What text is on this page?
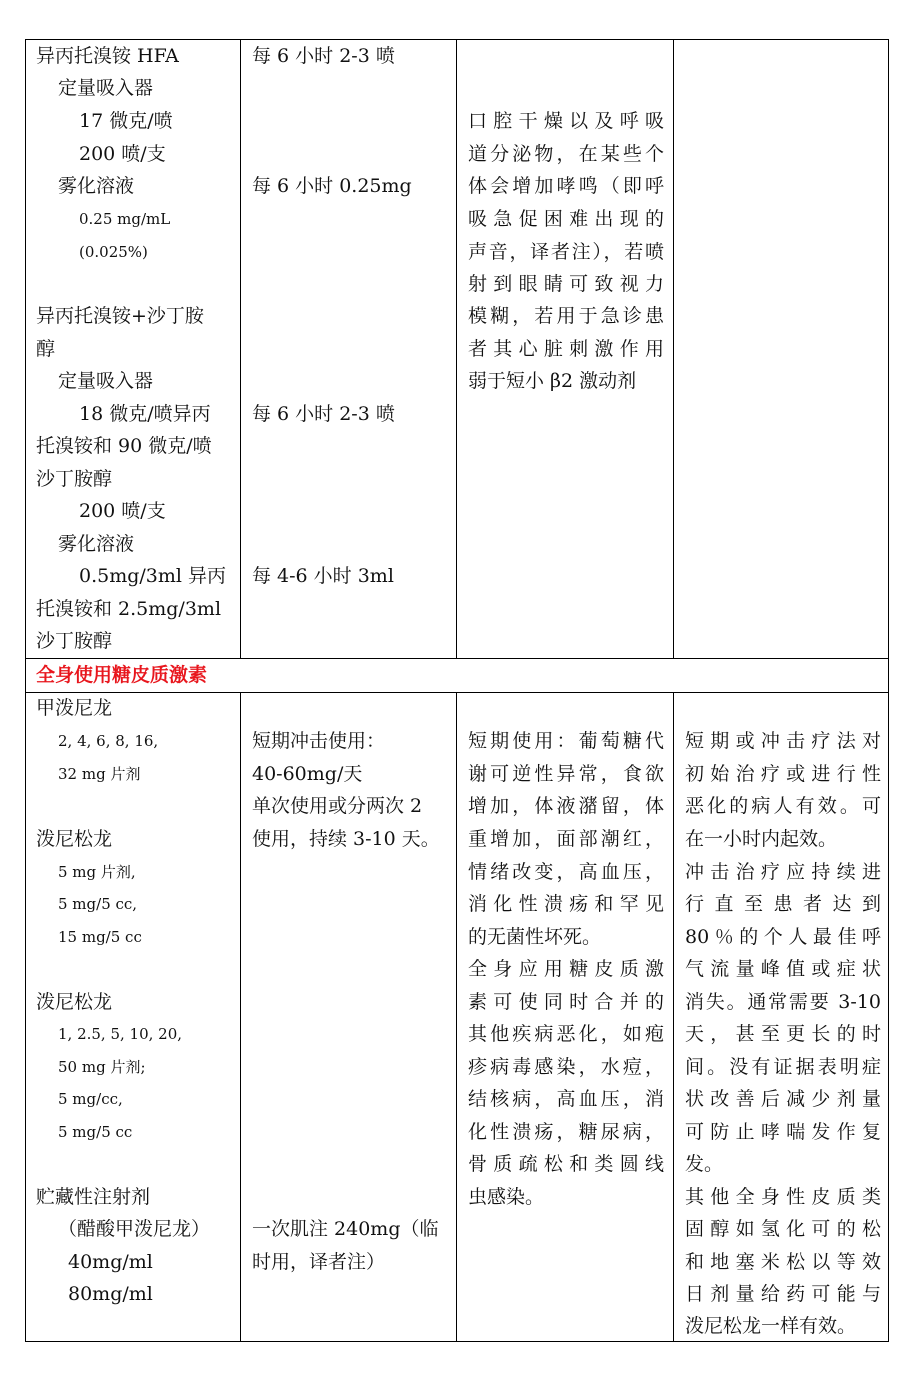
异丙托溴铵 HFA
定量吸入器
17 微克/喷
200 喷/支
雾化溶液
0.25 mg/mL
(0.025%)
异丙托溴铵+沙丁胺
醇
定量吸入器
18 微克/喷异丙
托溴铵和 90 微克/喷
沙丁胺醇
200 喷/支
雾化溶液
0.5mg/3ml 异丙
托溴铵和 2.5mg/3ml
沙丁胺醇
每 6 小时 2-3 喷
每 6 小时 0.25mg
每 6 小时 2-3 喷
每 4-6 小时 3ml
口腔干燥以及呼吸
道分泌物，在某些个
体会增加哮鸣（即呼
吸急促困难出现的
声音，译者注），若喷
射到眼睛可致视力
模糊，若用于急诊患
者其心脏刺激作用
弱于短小 β2 激动剂
全身使用糖皮质激素
甲泼尼龙
2, 4, 6, 8, 16,
32 mg 片剂
泼尼松龙
5 mg 片剂,
5 mg/5 cc,
15 mg/5 cc
泼尼松龙
1, 2.5, 5, 10, 20,
50 mg 片剂;
5 mg/cc,
5 mg/5 cc
贮藏性注射剂
（醋酸甲泼尼龙）
40mg/ml
80mg/ml
短期冲击使用：
40-60mg/天
单次使用或分两次 2
使用，持续 3-10 天。
一次肌注 240mg（临
时用，译者注）
短期使用：葡萄糖代
谢可逆性异常，食欲
增加，体液潴留，体
重增加，面部潮红，
情绪改变，高血压，
消化性溃疡和罕见
的无菌性坏死。
全身应用糖皮质激
素可使同时合并的
其他疾病恶化，如疱
疹病毒感染，水痘，
结核病，高血压，消
化性溃疡，糖尿病，
骨质疏松和类圆线
虫感染。
短期或冲击疗法对
初始治疗或进行性
恶化的病人有效。可
在一小时内起效。
冲击治疗应持续进
行直至患者达到
80％的个人最佳呼
气流量峰值或症状
消失。通常需要 3-10
天，甚至更长的时
间。没有证据表明症
状改善后减少剂量
可防止哮喘发作复
发。
其他全身性皮质类
固醇如氢化可的松
和地塞米松以等效
日剂量给药可能与
泼尼松龙一样有效。
